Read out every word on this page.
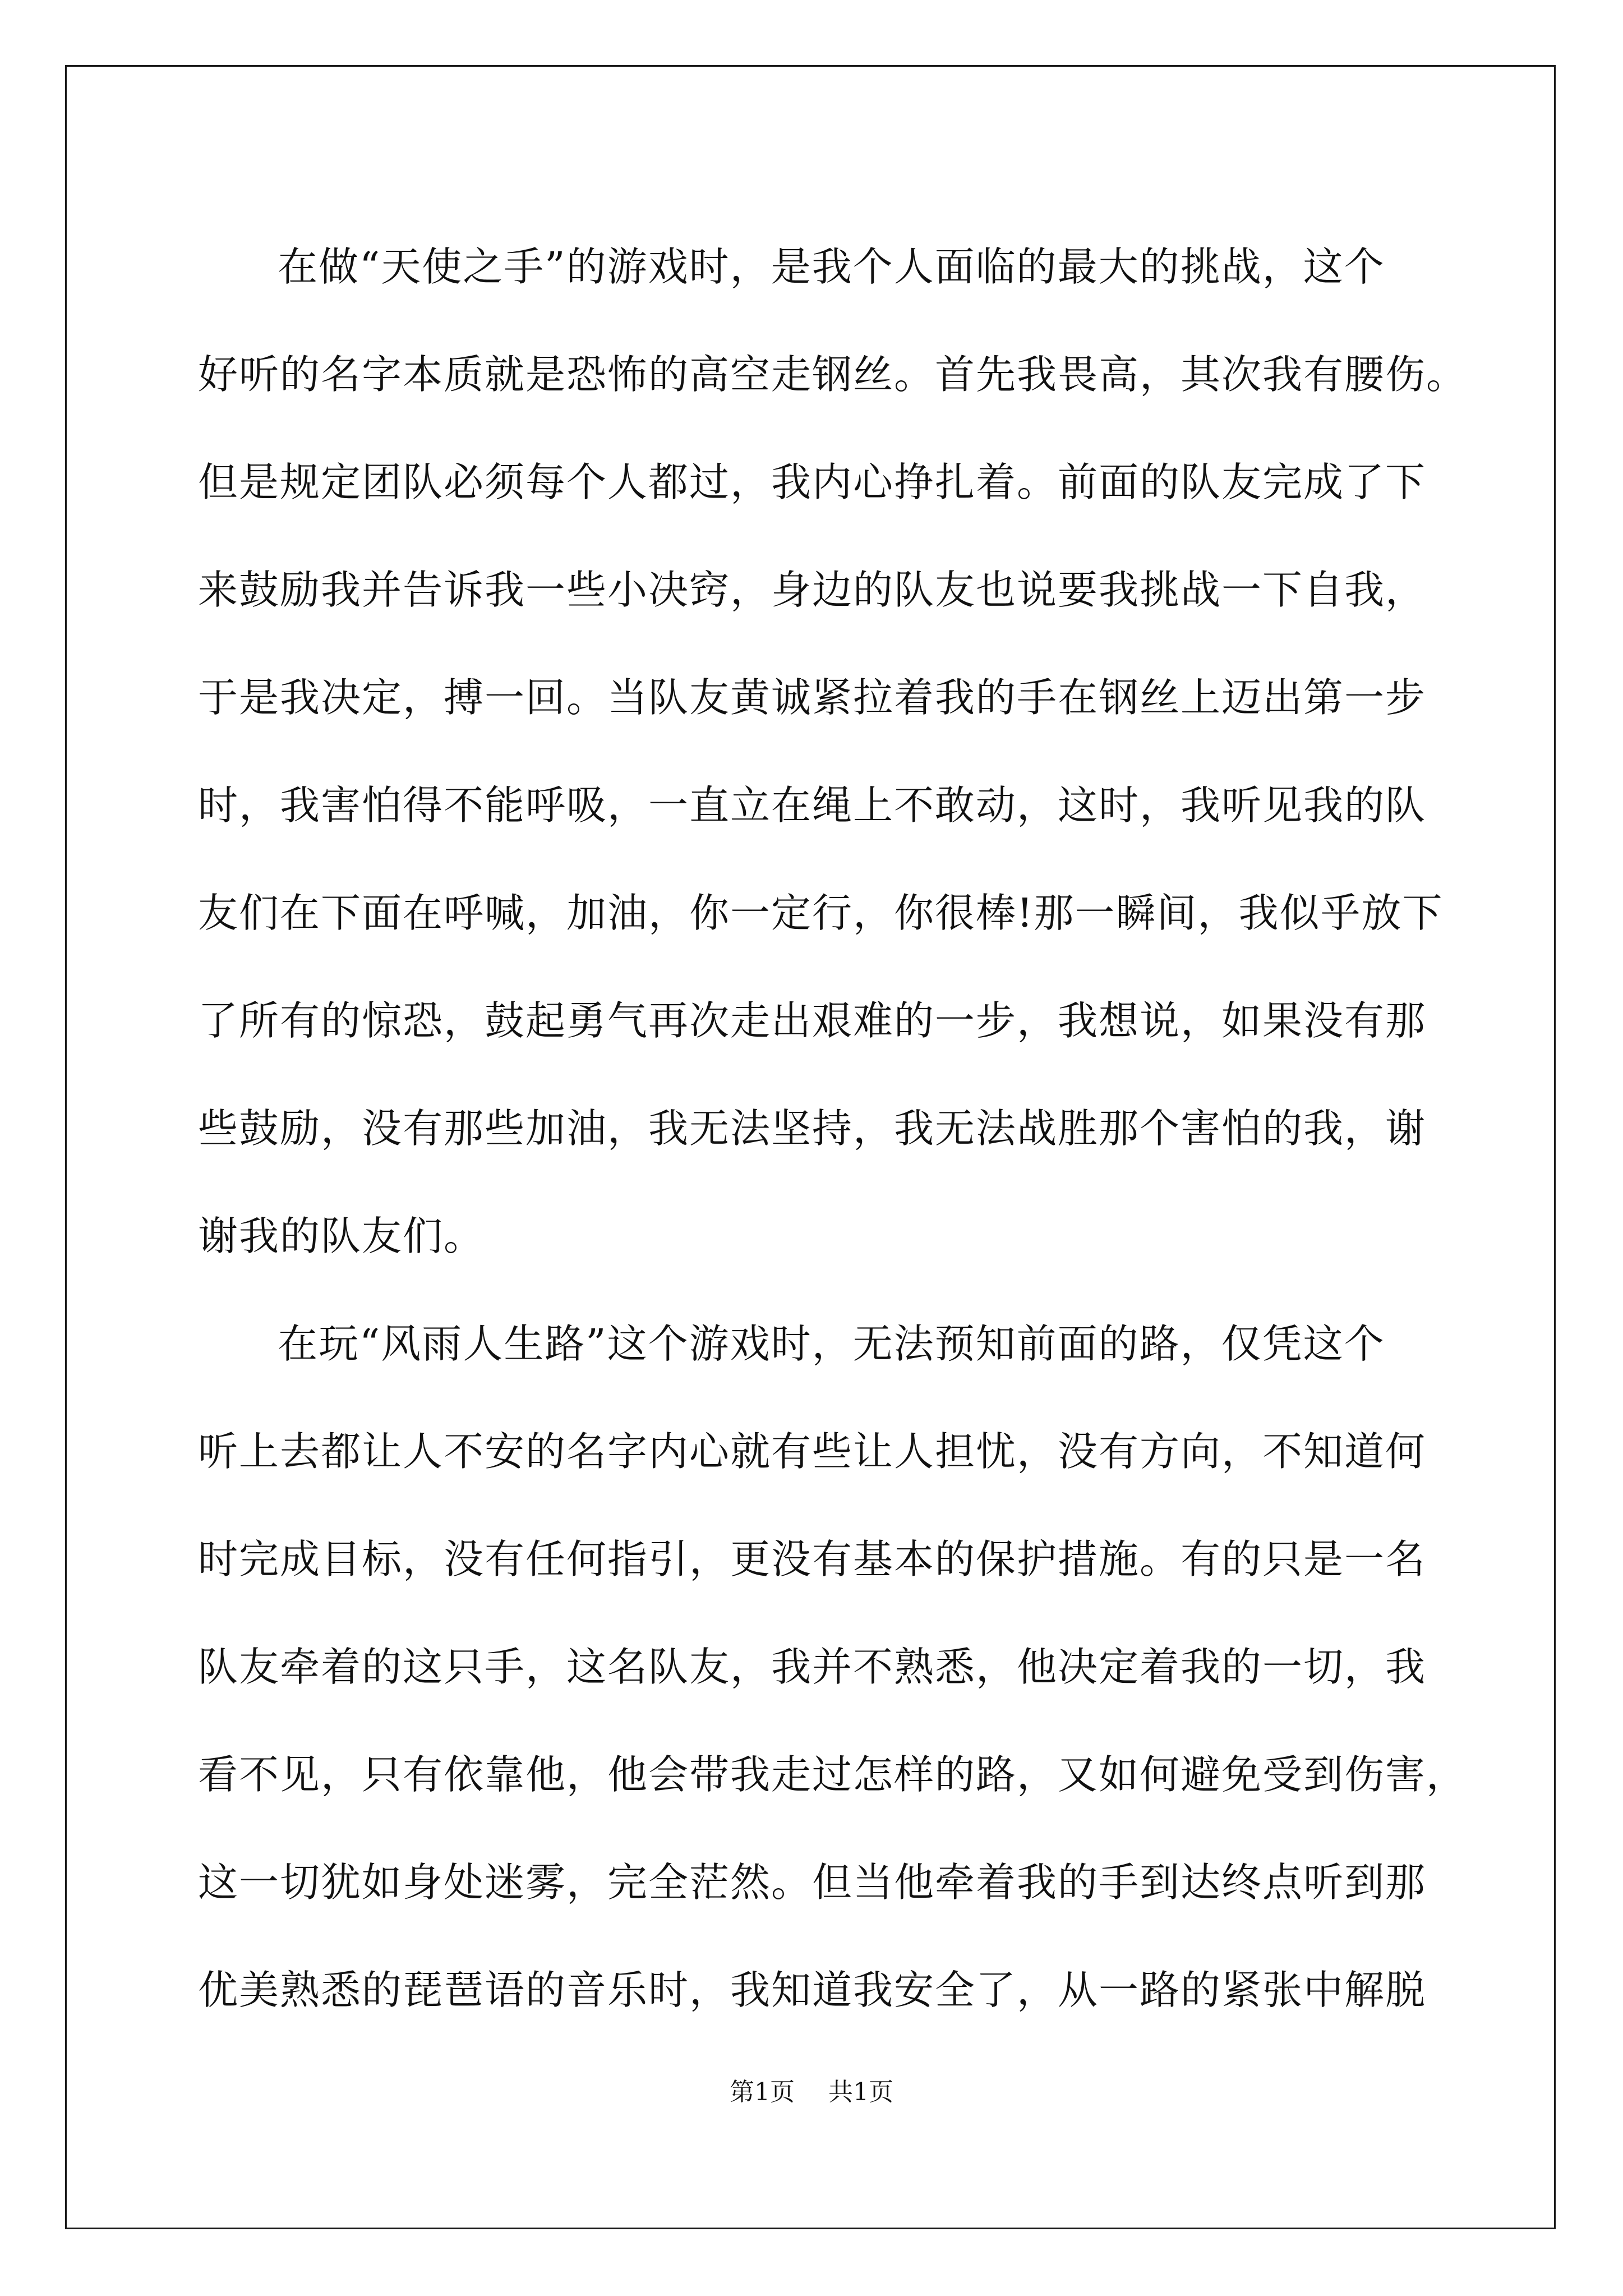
在做“天使之手”的游戏时，是我个人面临的最大的挑战，这个
好听的名字本质就是恐怖的高空走钢丝。首先我畏高，其次我有腰伤。
但是规定团队必须每个人都过，我内心挣扎着。前面的队友完成了下
来鼓励我并告诉我一些小决窍，身边的队友也说要我挑战一下自我，
于是我决定，搏一回。当队友黄诚紧拉着我的手在钢丝上迈出第一步
时，我害怕得不能呼吸，一直立在绳上不敢动，这时，我听见我的队
友们在下面在呼喊，加油，你一定行，你很棒!那一瞬间，我似乎放下
了所有的惊恐，鼓起勇气再次走出艰难的一步，我想说，如果没有那
些鼓励，没有那些加油，我无法坚持，我无法战胜那个害怕的我，谢
谢我的队友们。
在玩“风雨人生路”这个游戏时，无法预知前面的路，仅凭这个
听上去都让人不安的名字内心就有些让人担忧，没有方向，不知道何
时完成目标，没有任何指引，更没有基本的保护措施。有的只是一名
队友牵着的这只手，这名队友，我并不熟悉，他决定着我的一切，我
看不见，只有依靠他，他会带我走过怎样的路，又如何避免受到伤害，
这一切犹如身处迷雾，完全茫然。但当他牵着我的手到达终点听到那
优美熟悉的琵琶语的音乐时，我知道我安全了，从一路的紧张中解脱
第1页 共1页
